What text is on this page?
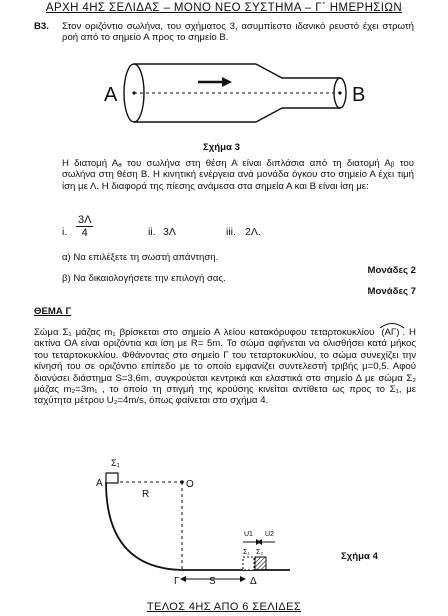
ΑΡΧΗ 4ΗΣ ΣΕΛΙΔΑΣ – ΜΟΝΟ ΝΕΟ ΣΥΣΤΗΜΑ – Γ΄ ΗΜΕΡΗΣΙΩΝ
Β3. Στον οριζόντιο σωλήνα, του σχήματος 3, ασυμπίεστο ιδανικό ρευστό έχει στρωτή ροή από το σημείο Α προς το σημείο Β.
Α	Β
Σχήμα 3
Η διατομή Αₐ του σωλήνα στη θέση Α είναι διπλάσια από τη διατομή Αᵦ του σωλήνα στη θέση Β. Η κινητική ενέργεια ανά μονάδα όγκου στο σημείο Α έχει τιμή ίση με Λ. Η διαφορά της πίεσης ανάμεσα στα σημεία Α και Β είναι ίση με:
i. $\frac{3\Lambda}{4}$	ii. 3Λ	iii. 2Λ.
α) Να επιλέξετε τη σωστή απάντηση.
Μονάδες 2
β) Να δικαιολογήσετε την επιλογή σας.
Μονάδες 7
ΘΕΜΑ Γ
Σώμα Σ₁ μάζας m₁ βρίσκεται στο σημείο Α λείου κατακόρυφου τεταρτοκυκλίου
(ΑΓ). Η ακτίνα ΟΑ είναι οριζόντια και ίση με R= 5m. Το σώμα αφήνεται να ολισθήσει κατά μήκος του τεταρτοκυκλίου. Φθάνοντας στο σημείο Γ του τεταρτοκυκλίου, το σώμα συνεχίζει την κίνησή του σε οριζόντιο επίπεδο με το οποίο εμφανίζει συντελεστή τριβής μ=0,5. Αφού διανύσει διάστημα S=3,6m, συγκρούεται κεντρικά και ελαστικά στο σημείο Δ με σώμα Σ₂ μάζας m₂=3m₁ , το οποίο τη στιγμή της κρούσης κινείται αντίθετα ως προς το Σ₁, με ταχύτητα μέτρου U₂=4m/s, όπως φαίνεται στο σχήμα 4.
Σ₁
Α	O
R
U1 U2
Σ₁ Σ₂
Γ	S	Δ
Σχήμα 4
ΤΕΛΟΣ 4ΗΣ ΑΠΟ 6 ΣΕΛΙΔΕΣ
